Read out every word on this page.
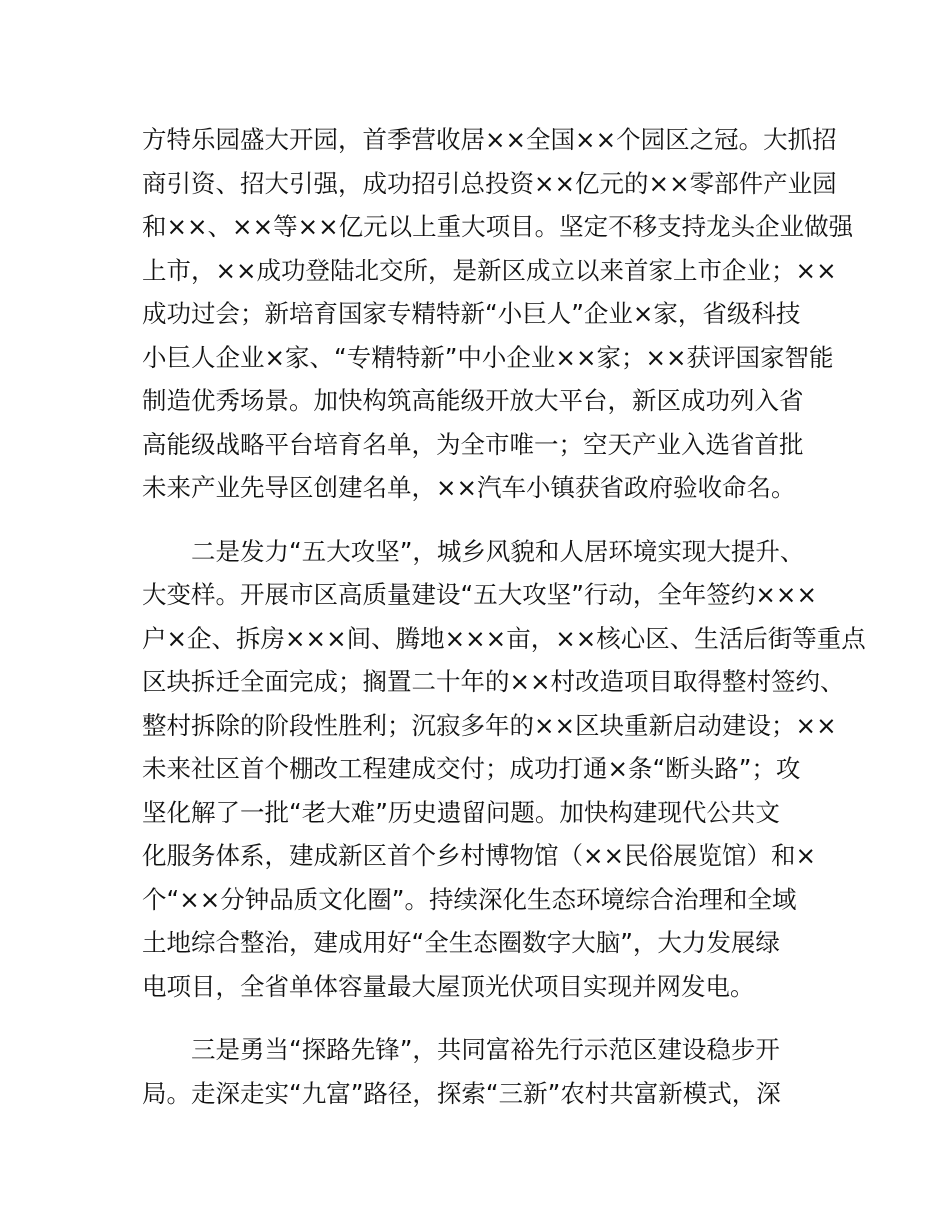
方特乐园盛大开园，首季营收居××全国××个园区之冠。大抓招
商引资、招大引强，成功招引总投资××亿元的××零部件产业园
和××、××等××亿元以上重大项目。坚定不移支持龙头企业做强
上市，××成功登陆北交所，是新区成立以来首家上市企业；××
成功过会；新培育国家专精特新“小巨人”企业×家，省级科技
小巨人企业×家、“专精特新”中小企业××家；××获评国家智能
制造优秀场景。加快构筑高能级开放大平台，新区成功列入省
高能级战略平台培育名单，为全市唯一；空天产业入选省首批
未来产业先导区创建名单，××汽车小镇获省政府验收命名。
二是发力“五大攻坚”，城乡风貌和人居环境实现大提升、
大变样。开展市区高质量建设“五大攻坚”行动，全年签约×××
户×企、拆房×××间、腾地×××亩，××核心区、生活后街等重点
区块拆迁全面完成；搁置二十年的××村改造项目取得整村签约、
整村拆除的阶段性胜利；沉寂多年的××区块重新启动建设；××
未来社区首个棚改工程建成交付；成功打通×条“断头路”；攻
坚化解了一批“老大难”历史遗留问题。加快构建现代公共文
化服务体系，建成新区首个乡村博物馆（××民俗展览馆）和×
个“××分钟品质文化圈”。持续深化生态环境综合治理和全域
土地综合整治，建成用好“全生态圈数字大脑”，大力发展绿
电项目，全省单体容量最大屋顶光伏项目实现并网发电。
三是勇当“探路先锋”，共同富裕先行示范区建设稳步开
局。走深走实“九富”路径，探索“三新”农村共富新模式，深
